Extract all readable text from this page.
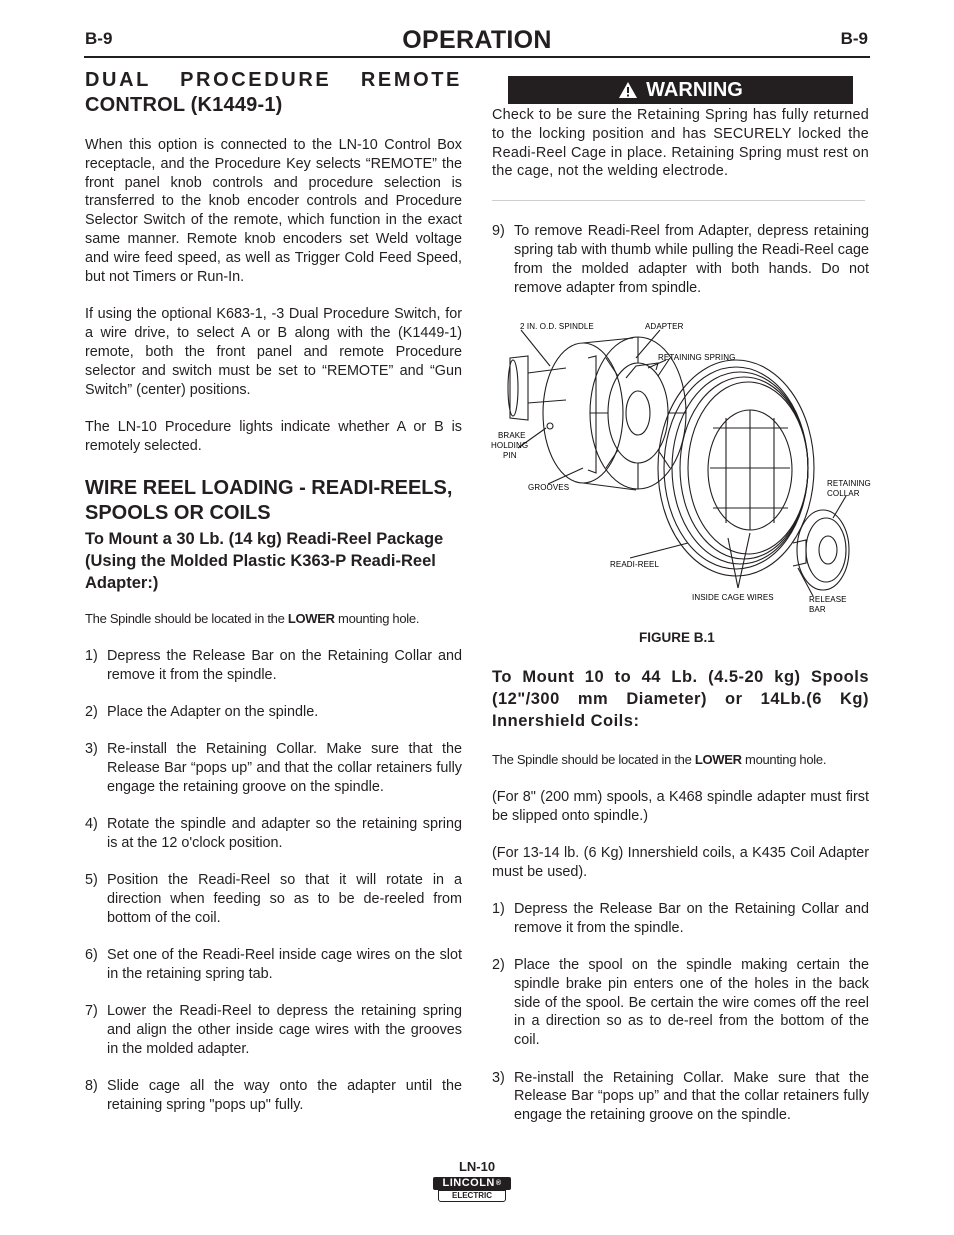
B-9	OPERATION	B-9
DUAL PROCEDURE REMOTE
CONTROL (K1449-1)
When this option is connected to the LN-10 Control Box receptacle, and the Procedure Key selects “REMOTE” the front panel knob controls and procedure selection is transferred to the knob encoder controls and Procedure Selector Switch of the remote, which function in the exact same manner. Remote knob encoders set Weld voltage and wire feed speed, as well as Trigger Cold Feed Speed, but not Timers or Run-In.
If using the optional K683-1, -3 Dual Procedure Switch, for a wire drive, to select A or B along with the (K1449-1) remote, both the front panel and remote Procedure selector and switch must be set to “REMOTE” and “Gun Switch” (center) positions.
The LN-10 Procedure lights indicate whether A or B is remotely selected.
WIRE REEL LOADING - READI-REELS, SPOOLS OR COILS
To Mount a 30 Lb. (14 kg) Readi-Reel Package (Using the Molded Plastic K363-P Readi-Reel Adapter:)
The Spindle should be located in the LOWER mounting hole.
1) Depress the Release Bar on the Retaining Collar and remove it from the spindle.
2) Place the Adapter on the spindle.
3) Re-install the Retaining Collar. Make sure that the Release Bar “pops up” and that the collar retainers fully engage the retaining groove on the spindle.
4) Rotate the spindle and adapter so the retaining spring is at the 12 o'clock position.
5) Position the Readi-Reel so that it will rotate in a direction when feeding so as to be de-reeled from bottom of the coil.
6) Set one of the Readi-Reel inside cage wires on the slot in the retaining spring tab.
7) Lower the Readi-Reel to depress the retaining spring and align the other inside cage wires with the grooves in the molded adapter.
8) Slide cage all the way onto the adapter until the retaining spring "pops up" fully.
WARNING
Check to be sure the Retaining Spring has fully returned to the locking position and has SECURELY locked the Readi-Reel Cage in place. Retaining Spring must rest on the cage, not the welding electrode.
9) To remove Readi-Reel from Adapter, depress retaining spring tab with thumb while pulling the Readi-Reel cage from the molded adapter with both hands. Do not remove adapter from spindle.
2 IN. O.D. SPINDLE	ADAPTER
RETAINING SPRING
BRAKE
HOLDING
PIN
GROOVES	RETAINING
COLLAR
READI-REEL
INSIDE CAGE WIRES	RELEASE
BAR
FIGURE B.1
To Mount 10 to 44 Lb. (4.5-20 kg) Spools (12"/300 mm Diameter) or 14Lb.(6 Kg) Innershield Coils:
The Spindle should be located in the LOWER mounting hole.
(For 8" (200 mm) spools, a K468 spindle adapter must first be slipped onto spindle.)
(For 13-14 lb. (6 Kg) Innershield coils, a K435 Coil Adapter must be used).
1) Depress the Release Bar on the Retaining Collar and remove it from the spindle.
2) Place the spool on the spindle making certain the spindle brake pin enters one of the holes in the back side of the spool. Be certain the wire comes off the reel in a direction so as to de-reel from the bottom of the coil.
3) Re-install the Retaining Collar. Make sure that the Release Bar “pops up” and that the collar retainers fully engage the retaining groove on the spindle.
LN-10
LINCOLN®
ELECTRIC
